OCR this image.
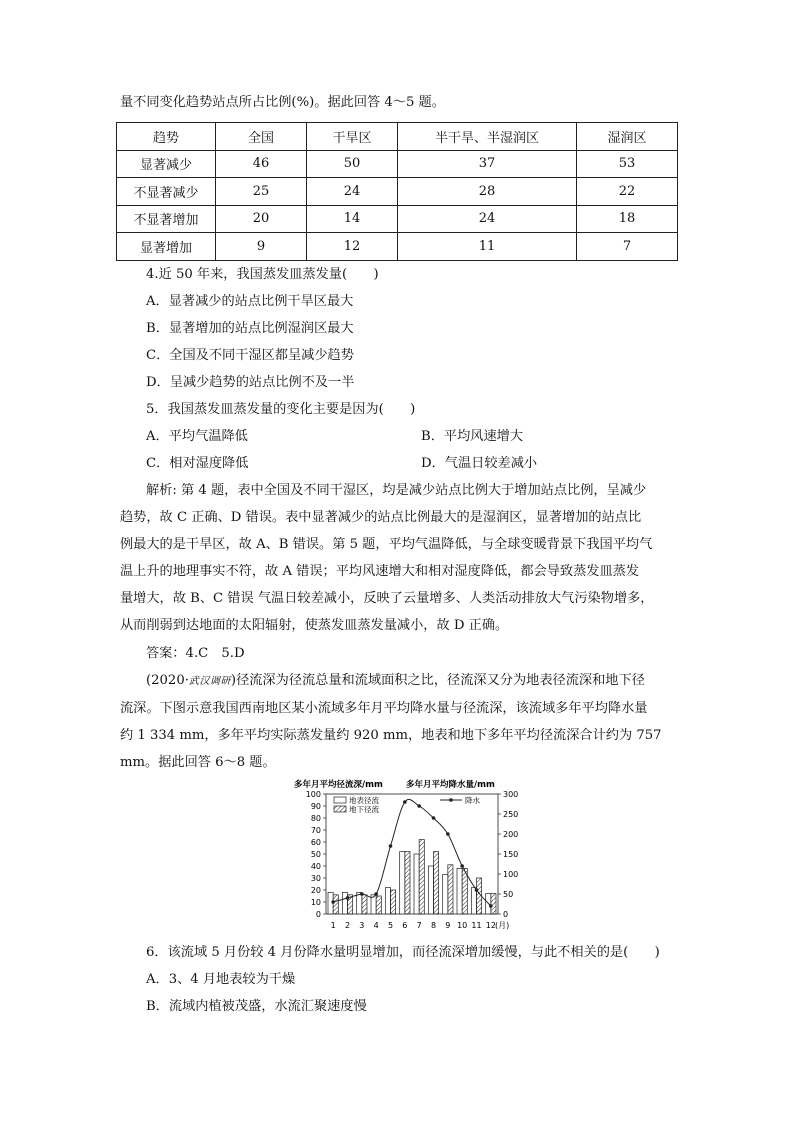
量不同变化趋势站点所占比例(%)。据此回答 4～5 题。
趋势	全国	干旱区	半干旱、半湿润区	湿润区
显著减少	46	50	37	53
不显著减少	25	24	28	22
不显著增加	20	14	24	18
显著增加	9	12	11	7
4.近 50 年来，我国蒸发皿蒸发量(　　)
A．显著减少的站点比例干旱区最大
B．显著增加的站点比例湿润区最大
C．全国及不同干湿区都呈减少趋势
D．呈减少趋势的站点比例不及一半
5．我国蒸发皿蒸发量的变化主要是因为(　　)
A．平均气温降低	B．平均风速增大
C．相对湿度降低	D．气温日较差减小
解析: 第 4 题，表中全国及不同干湿区，均是减少站点比例大于增加站点比例，呈减少
趋势，故 C 正确、D 错误。表中显著减少的站点比例最大的是湿润区，显著增加的站点比
例最大的是干旱区，故 A、B 错误。第 5 题，平均气温降低，与全球变暖背景下我国平均气
温上升的地理事实不符，故 A 错误；平均风速增大和相对湿度降低，都会导致蒸发皿蒸发
量增大，故 B、C 错误 气温日较差减小，反映了云量增多、人类活动排放大气污染物增多，
从而削弱到达地面的太阳辐射，使蒸发皿蒸发量减小，故 D 正确。
答案：4.C　5.D
(2020·武汉调研)径流深为径流总量和流域面积之比，径流深又分为地表径流深和地下径
流深。下图示意我国西南地区某小流域多年月平均降水量与径流深，该流域多年平均降水量
约 1 334 mm，多年平均实际蒸发量约 920 mm，地表和地下多年平均径流深合计约为 757
mm。据此回答 6～8 题。
多年月平均径流深/mm	多年月平均降水量/mm
0
10
20
30
40
50
60
70
80
90
100
0
50
100
150
200
250
300
1 2 3 4 5 6 7 8 9 10 11 12 (月)
地表径流
地下径流
降水
6．该流域 5 月份较 4 月份降水量明显增加，而径流深增加缓慢，与此不相关的是(　　)
A．3、4 月地表较为干燥
B．流域内植被茂盛，水流汇聚速度慢
